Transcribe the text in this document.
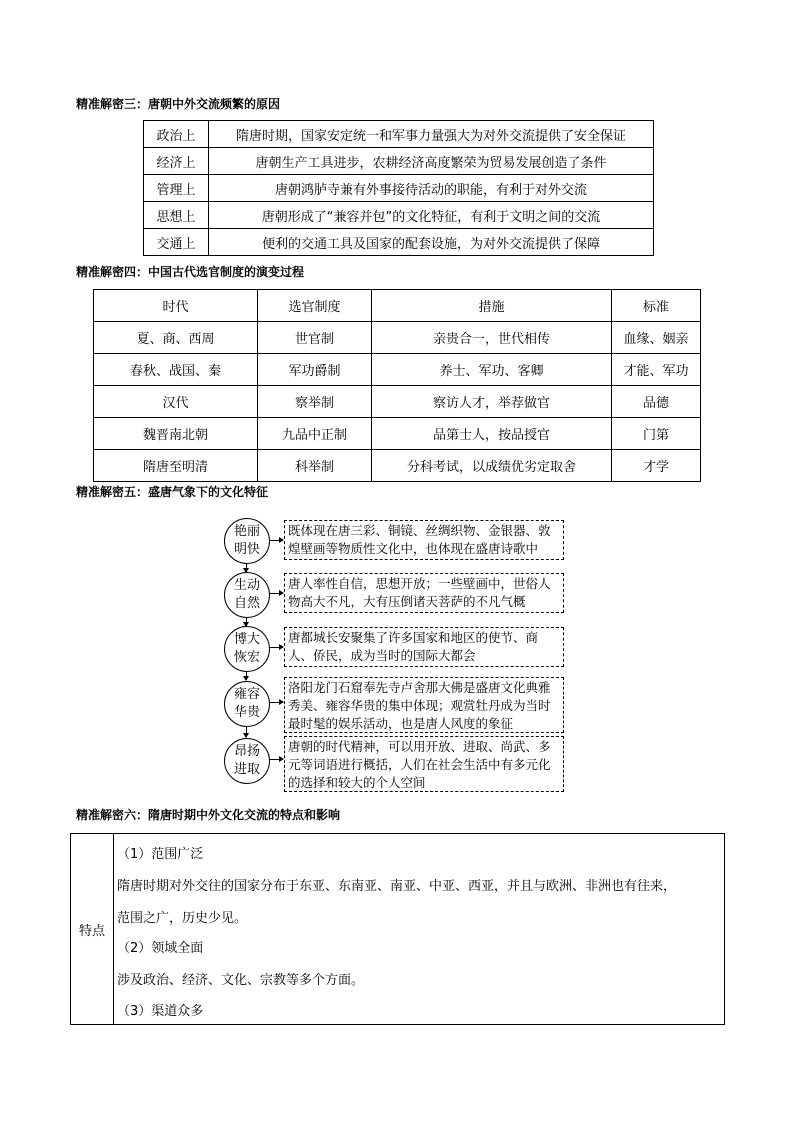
精准解密三：唐朝中外交流频繁的原因
政治上	隋唐时期，国家安定统一和军事力量强大为对外交流提供了安全保证
经济上	唐朝生产工具进步，农耕经济高度繁荣为贸易发展创造了条件
管理上	唐朝鸿胪寺兼有外事接待活动的职能，有利于对外交流
思想上	唐朝形成了“兼容并包”的文化特征，有利于文明之间的交流
交通上	便利的交通工具及国家的配套设施，为对外交流提供了保障
精准解密四：中国古代选官制度的演变过程
时代	选官制度	措施	标准
夏、商、西周	世官制	亲贵合一，世代相传	血缘、姻亲
春秋、战国、秦	军功爵制	养士、军功、客卿	才能、军功
汉代	察举制	察访人才，举荐做官	品德
魏晋南北朝	九品中正制	品第士人，按品授官	门第
隋唐至明清	科举制	分科考试，以成绩优劣定取舍	才学
精准解密五：盛唐气象下的文化特征
艳丽
明快
既体现在唐三彩、铜镜、丝绸织物、金银器、敦煌壁画等物质性文化中，也体现在盛唐诗歌中
生动
自然
唐人率性自信，思想开放；一些壁画中，世俗人物高大不凡，大有压倒诸天菩萨的不凡气概
博大
恢宏
唐都城长安聚集了许多国家和地区的使节、商人、侨民，成为当时的国际大都会
雍容
华贵
洛阳龙门石窟奉先寺卢舍那大佛是盛唐文化典雅秀美、雍容华贵的集中体现；观赏牡丹成为当时最时髦的娱乐活动，也是唐人风度的象征
昂扬
进取
唐朝的时代精神，可以用开放、进取、尚武、多元等词语进行概括，人们在社会生活中有多元化的选择和较大的个人空间
精准解密六：隋唐时期中外文化交流的特点和影响
特点
（1）范围广泛
隋唐时期对外交往的国家分布于东亚、东南亚、南亚、中亚、西亚，并且与欧洲、非洲也有往来，
范围之广，历史少见。
（2）领域全面
涉及政治、经济、文化、宗教等多个方面。
（3）渠道众多
